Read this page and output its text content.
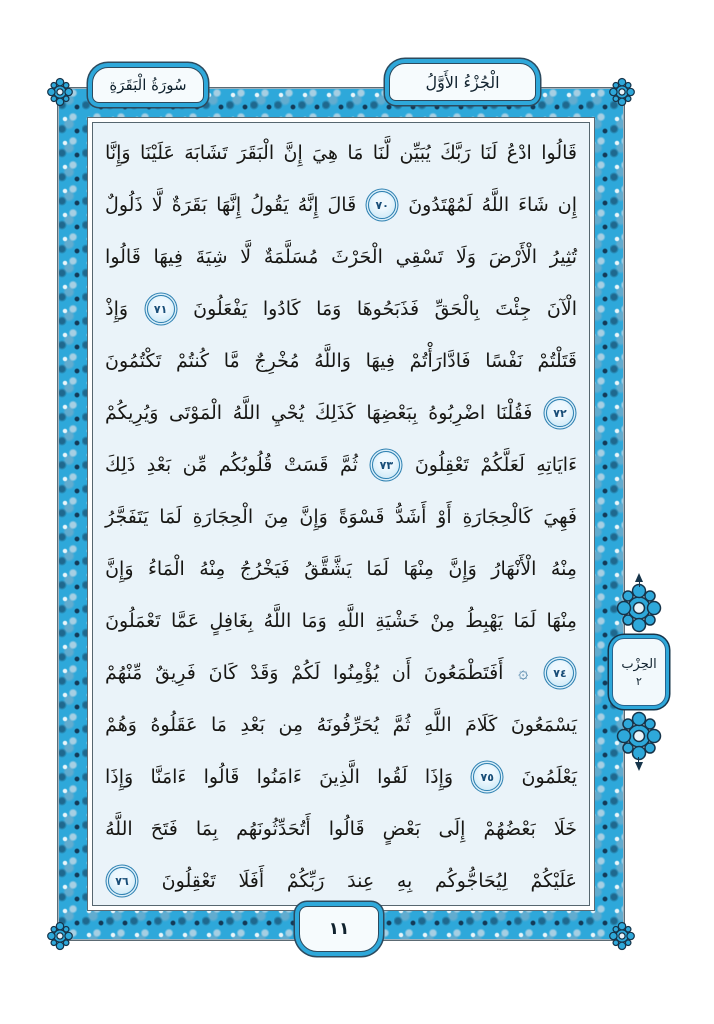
قَالُوا
ادْعُ
لَنَا
رَبَّكَ
يُبَيِّن
لَّنَا
مَا
هِيَ
إِنَّ
الْبَقَرَ
تَشَابَهَ
عَلَيْنَا
وَإِنَّا
إِن
شَاءَ
اللَّهُ
لَمُهْتَدُونَ
٧٠
قَالَ
إِنَّهُ
يَقُولُ
إِنَّهَا
بَقَرَةٌ
لَّا
ذَلُولٌ
تُثِيرُ
الْأَرْضَ
وَلَا
تَسْقِي
الْحَرْثَ
مُسَلَّمَةٌ
لَّا
شِيَةَ
فِيهَا
قَالُوا
الْآنَ
جِئْتَ
بِالْحَقِّ
فَذَبَحُوهَا
وَمَا
كَادُوا
يَفْعَلُونَ
٧١
وَإِذْ
قَتَلْتُمْ
نَفْسًا
فَادَّارَأْتُمْ
فِيهَا
وَاللَّهُ
مُخْرِجٌ
مَّا
كُنتُمْ
تَكْتُمُونَ
٧٢
فَقُلْنَا
اضْرِبُوهُ
بِبَعْضِهَا
كَذَلِكَ
يُحْيِ
اللَّهُ
الْمَوْتَى
وَيُرِيكُمْ
ءَايَاتِهِ
لَعَلَّكُمْ
تَعْقِلُونَ
٧٣
ثُمَّ
قَسَتْ
قُلُوبُكُم
مِّن
بَعْدِ
ذَلِكَ
فَهِيَ
كَالْحِجَارَةِ
أَوْ
أَشَدُّ
قَسْوَةً
وَإِنَّ
مِنَ
الْحِجَارَةِ
لَمَا
يَتَفَجَّرُ
مِنْهُ
الْأَنْهَارُ
وَإِنَّ
مِنْهَا
لَمَا
يَشَّقَّقُ
فَيَخْرُجُ
مِنْهُ
الْمَاءُ
وَإِنَّ
مِنْهَا
لَمَا
يَهْبِطُ
مِنْ
خَشْيَةِ
اللَّهِ
وَمَا
اللَّهُ
بِغَافِلٍ
عَمَّا
تَعْمَلُونَ
٧٤
۞
أَفَتَطْمَعُونَ
أَن
يُؤْمِنُوا
لَكُمْ
وَقَدْ
كَانَ
فَرِيقٌ
مِّنْهُمْ
يَسْمَعُونَ
كَلَامَ
اللَّهِ
ثُمَّ
يُحَرِّفُونَهُ
مِن
بَعْدِ
مَا
عَقَلُوهُ
وَهُمْ
يَعْلَمُونَ
٧٥
وَإِذَا
لَقُوا
الَّذِينَ
ءَامَنُوا
قَالُوا
ءَامَنَّا
وَإِذَا
خَلَا
بَعْضُهُمْ
إِلَى
بَعْضٍ
قَالُوا
أَتُحَدِّثُونَهُم
بِمَا
فَتَحَ
اللَّهُ
عَلَيْكُمْ
لِيُحَاجُّوكُم
بِهِ
عِندَ
رَبِّكُمْ
أَفَلَا
تَعْقِلُونَ
٧٦
سُورَةُ الْبَقَرَةِ	الْجُزْءُ الأَوَّلُ
١١
الحِزْب
٢
